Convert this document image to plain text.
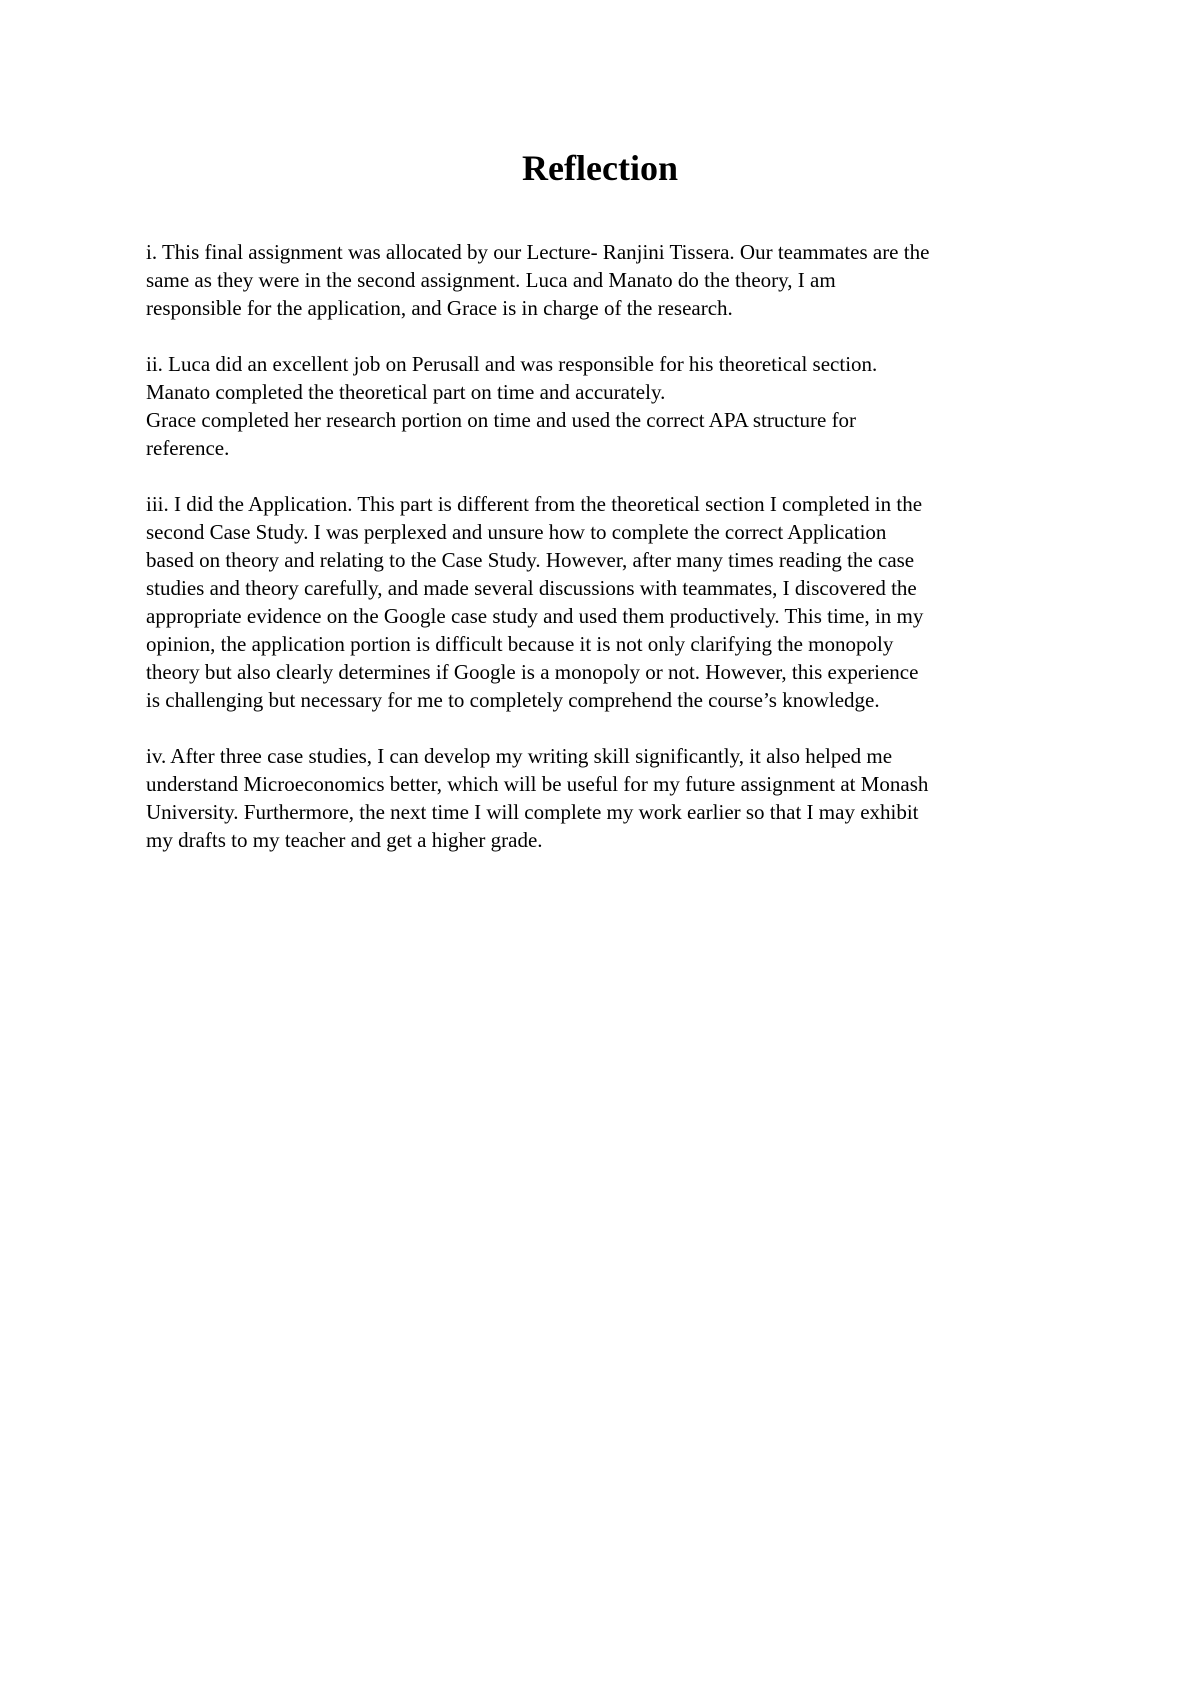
Reflection

i. This final assignment was allocated by our Lecture- Ranjini Tissera. Our teammates are the
same as they were in the second assignment. Luca and Manato do the theory, I am
responsible for the application, and Grace is in charge of the research.

ii. Luca did an excellent job on Perusall and was responsible for his theoretical section.
Manato completed the theoretical part on time and accurately.
Grace completed her research portion on time and used the correct APA structure for
reference.

iii. I did the Application. This part is different from the theoretical section I completed in the
second Case Study. I was perplexed and unsure how to complete the correct Application
based on theory and relating to the Case Study. However, after many times reading the case
studies and theory carefully, and made several discussions with teammates, I discovered the
appropriate evidence on the Google case study and used them productively. This time, in my
opinion, the application portion is difficult because it is not only clarifying the monopoly
theory but also clearly determines if Google is a monopoly or not. However, this experience
is challenging but necessary for me to completely comprehend the course’s knowledge.

iv. After three case studies, I can develop my writing skill significantly, it also helped me
understand Microeconomics better, which will be useful for my future assignment at Monash
University. Furthermore, the next time I will complete my work earlier so that I may exhibit
my drafts to my teacher and get a higher grade.
